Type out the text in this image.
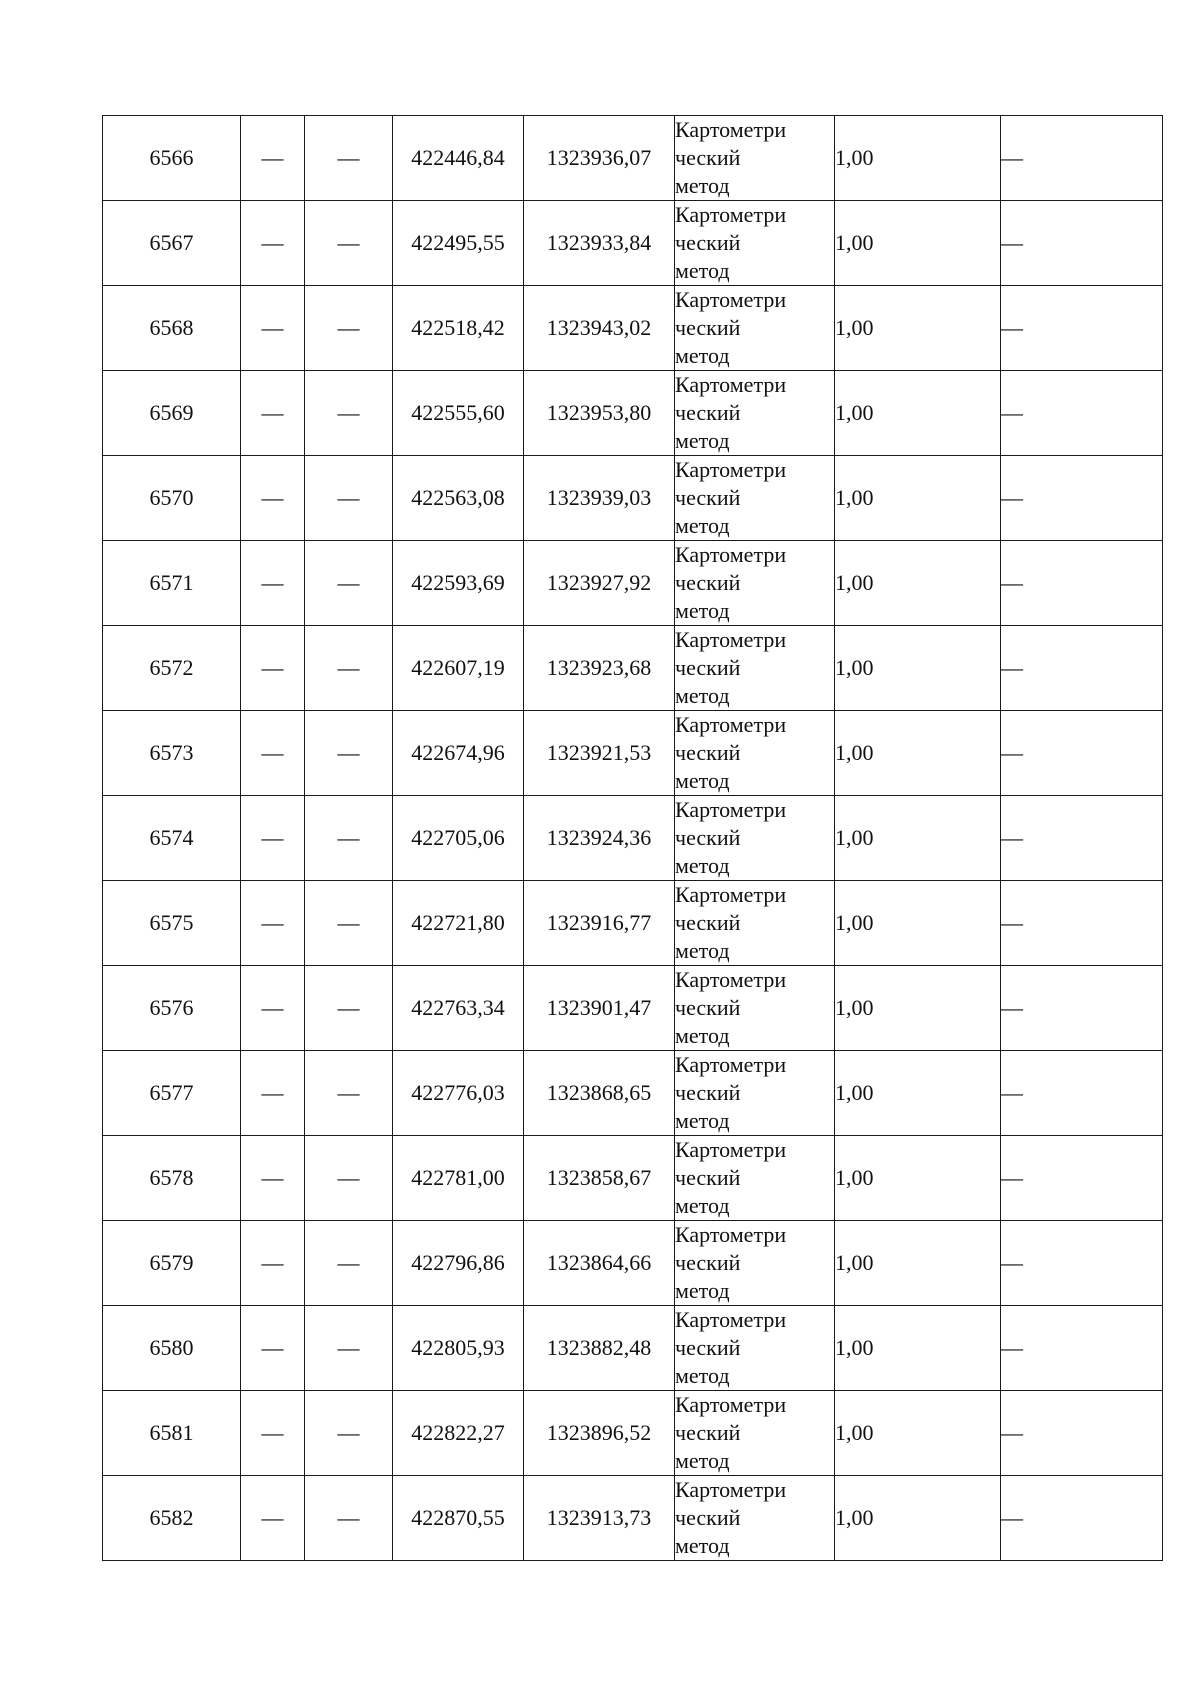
6566	—	—	422446,84	1323936,07	Картометри
ческий
метод	1,00	—
6567	—	—	422495,55	1323933,84	Картометри
ческий
метод	1,00	—
6568	—	—	422518,42	1323943,02	Картометри
ческий
метод	1,00	—
6569	—	—	422555,60	1323953,80	Картометри
ческий
метод	1,00	—
6570	—	—	422563,08	1323939,03	Картометри
ческий
метод	1,00	—
6571	—	—	422593,69	1323927,92	Картометри
ческий
метод	1,00	—
6572	—	—	422607,19	1323923,68	Картометри
ческий
метод	1,00	—
6573	—	—	422674,96	1323921,53	Картометри
ческий
метод	1,00	—
6574	—	—	422705,06	1323924,36	Картометри
ческий
метод	1,00	—
6575	—	—	422721,80	1323916,77	Картометри
ческий
метод	1,00	—
6576	—	—	422763,34	1323901,47	Картометри
ческий
метод	1,00	—
6577	—	—	422776,03	1323868,65	Картометри
ческий
метод	1,00	—
6578	—	—	422781,00	1323858,67	Картометри
ческий
метод	1,00	—
6579	—	—	422796,86	1323864,66	Картометри
ческий
метод	1,00	—
6580	—	—	422805,93	1323882,48	Картометри
ческий
метод	1,00	—
6581	—	—	422822,27	1323896,52	Картометри
ческий
метод	1,00	—
6582	—	—	422870,55	1323913,73	Картометри
ческий
метод	1,00	—
